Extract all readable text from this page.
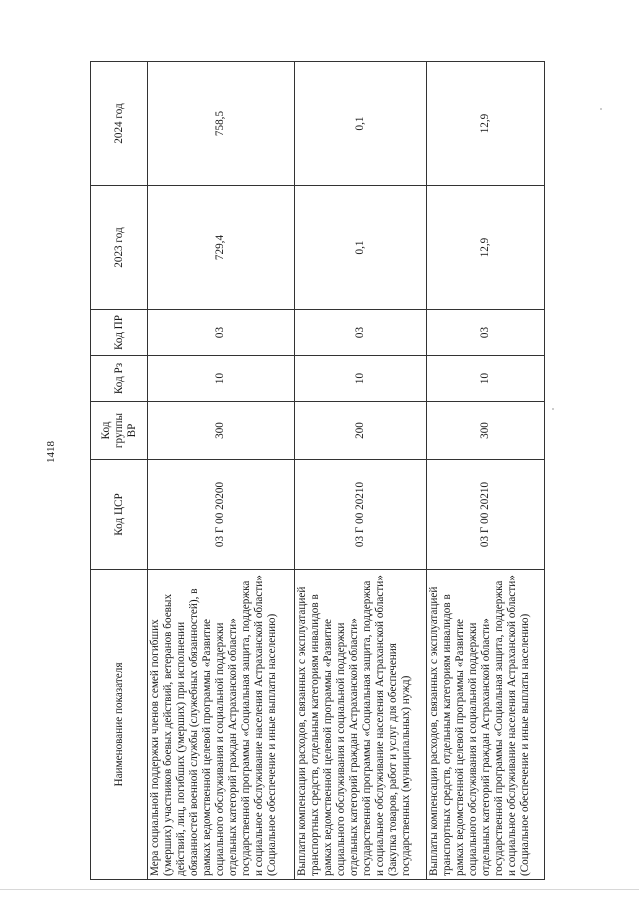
1418
Наименование показателя	Код ЦСР	Код группы ВР	Код Рз	Код ПР	2023 год	2024 год
Мера социальной поддержки членов семей погибших (умерших) участников боевых действий, ветеранов боевых действий, лиц, погибших (умерших) при исполнении обязанностей военной службы (служебных обязанностей), в рамках ведомственной целевой программы «Развитие социального обслуживания и социальной поддержки отдельных категорий граждан Астраханской области» государственной программы «Социальная защита, поддержка и социальное обслуживание населения Астраханской области» (Социальное обеспечение и иные выплаты населению)	03 Г 00 20200	300	10	03	729,4	758,5
Выплаты компенсации расходов, связанных с эксплуатацией транспортных средств, отдельным категориям инвалидов в рамках ведомственной целевой программы «Развитие социального обслуживания и социальной поддержки отдельных категорий граждан Астраханской области» государственной программы «Социальная защита, поддержка и социальное обслуживание населения Астраханской области» (Закупка товаров, работ и услуг для обеспечения государственных (муниципальных) нужд)	03 Г 00 20210	200	10	03	0,1	0,1
Выплаты компенсации расходов, связанных с эксплуатацией транспортных средств, отдельным категориям инвалидов в рамках ведомственной целевой программы «Развитие социального обслуживания и социальной поддержки отдельных категорий граждан Астраханской области» государственной программы «Социальная защита, поддержка и социальное обслуживание населения Астраханской области» (Социальное обеспечение и иные выплаты населению)	03 Г 00 20210	300	10	03	12,9	12,9
